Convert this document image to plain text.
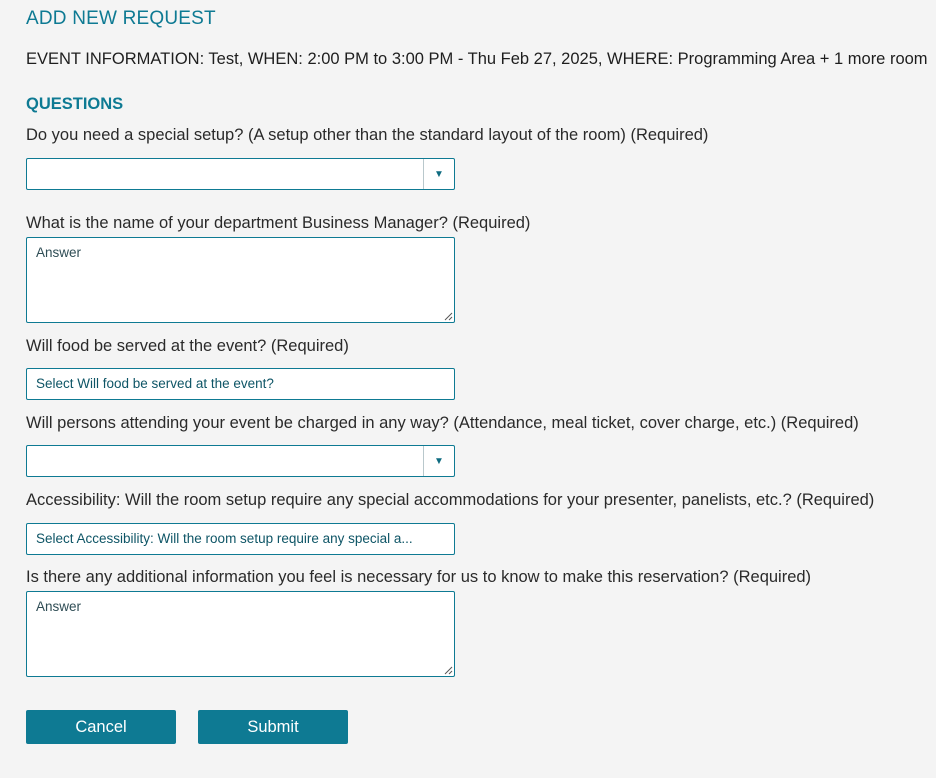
ADD NEW REQUEST
EVENT INFORMATION: Test, WHEN: 2:00 PM to 3:00 PM - Thu Feb 27, 2025, WHERE: Programming Area + 1 more room
QUESTIONS
Do you need a special setup? (A setup other than the standard layout of the room) (Required)
▼
What is the name of your department Business Manager? (Required)
Answer
Will food be served at the event? (Required)
Select Will food be served at the event?
Will persons attending your event be charged in any way? (Attendance, meal ticket, cover charge, etc.) (Required)
▼
Accessibility: Will the room setup require any special accommodations for your presenter, panelists, etc.? (Required)
Select Accessibility: Will the room setup require any special a...
Is there any additional information you feel is necessary for us to know to make this reservation? (Required)
Answer
Cancel	Submit
